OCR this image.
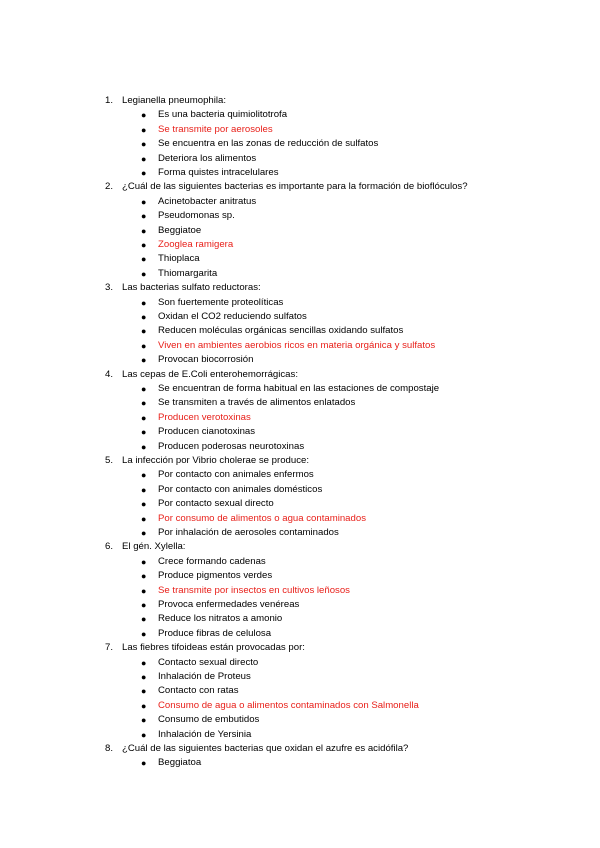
1. Legianella pneumophila:
● Es una bacteria quimiolitotrofa
● Se transmite por aerosoles
● Se encuentra en las zonas de reducción de sulfatos
● Deteriora los alimentos
● Forma quistes intracelulares
2. ¿Cuál de las siguientes bacterias es importante para la formación de bioflóculos?
● Acinetobacter anitratus
● Pseudomonas sp.
● Beggiatoe
● Zooglea ramigera
● Thioplaca
● Thiomargarita
3. Las bacterias sulfato reductoras:
● Son fuertemente proteolíticas
● Oxidan el CO2 reduciendo sulfatos
● Reducen moléculas orgánicas sencillas oxidando sulfatos
● Viven en ambientes aerobios ricos en materia orgánica y sulfatos
● Provocan biocorrosión
4. Las cepas de E.Coli enterohemorrágicas:
● Se encuentran de forma habitual en las estaciones de compostaje
● Se transmiten a través de alimentos enlatados
● Producen verotoxinas
● Producen cianotoxinas
● Producen poderosas neurotoxinas
5. La infección por Vibrio cholerae se produce:
● Por contacto con animales enfermos
● Por contacto con animales domésticos
● Por contacto sexual directo
● Por consumo de alimentos o agua contaminados
● Por inhalación de aerosoles contaminados
6. El gén. Xylella:
● Crece formando cadenas
● Produce pigmentos verdes
● Se transmite por insectos en cultivos leñosos
● Provoca enfermedades venéreas
● Reduce los nitratos a amonio
● Produce fibras de celulosa
7. Las fiebres tifoideas están provocadas por:
● Contacto sexual directo
● Inhalación de Proteus
● Contacto con ratas
● Consumo de agua o alimentos contaminados con Salmonella
● Consumo de embutidos
● Inhalación de Yersinia
8. ¿Cuál de las siguientes bacterias que oxidan el azufre es acidófila?
● Beggiatoa
